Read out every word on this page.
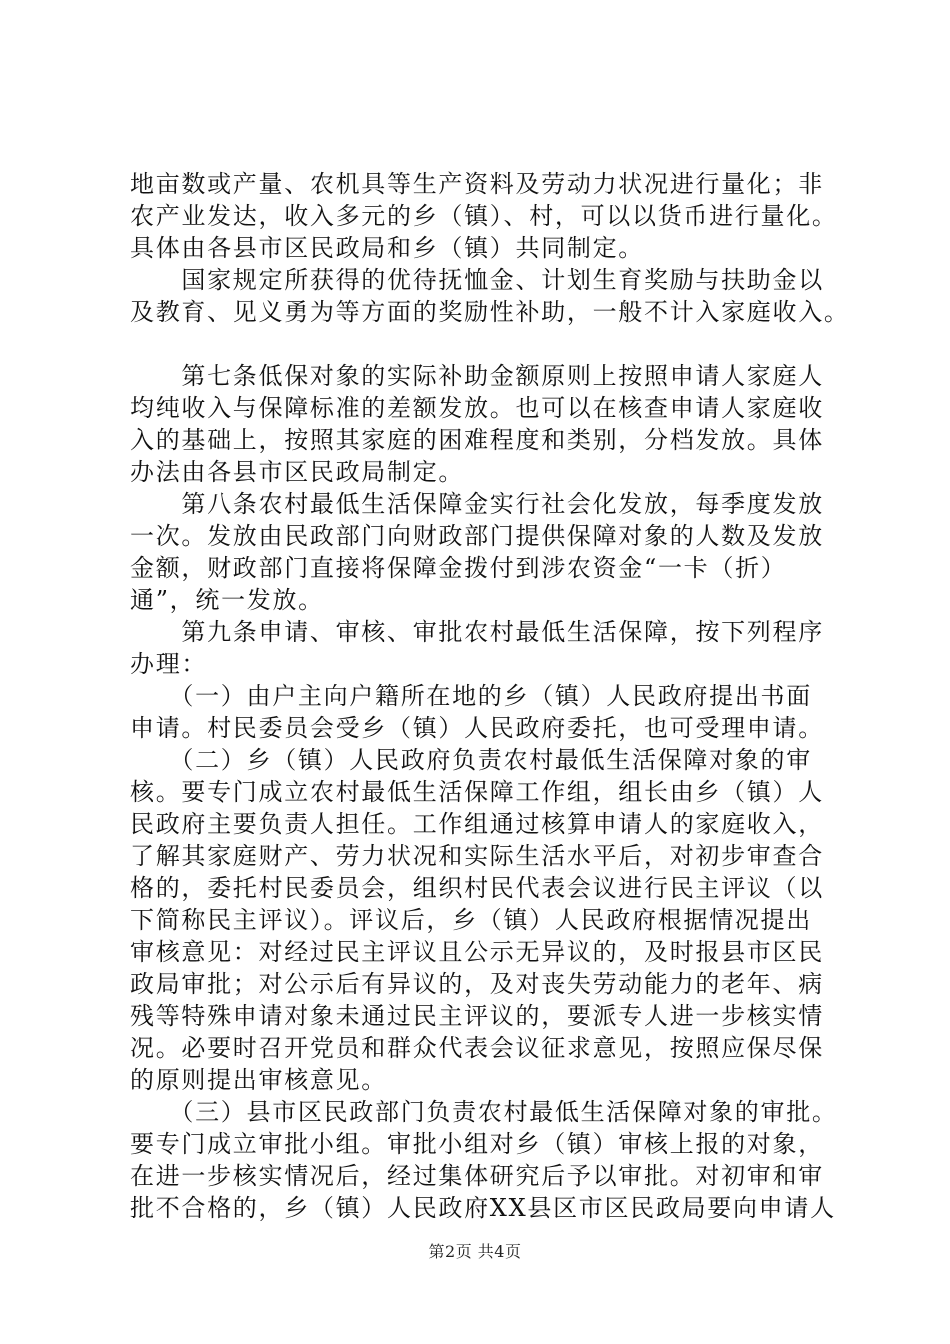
地亩数或产量、农机具等生产资料及劳动力状况进行量化；非
农产业发达，收入多元的乡（镇）、村，可以以货币进行量化。
具体由各县市区民政局和乡（镇）共同制定。
　　国家规定所获得的优待抚恤金、计划生育奖励与扶助金以
及教育、见义勇为等方面的奖励性补助，一般不计入家庭收入。
　　第七条低保对象的实际补助金额原则上按照申请人家庭人
均纯收入与保障标准的差额发放。也可以在核查申请人家庭收
入的基础上，按照其家庭的困难程度和类别，分档发放。具体
办法由各县市区民政局制定。
　　第八条农村最低生活保障金实行社会化发放，每季度发放
一次。发放由民政部门向财政部门提供保障对象的人数及发放
金额，财政部门直接将保障金拨付到涉农资金“一卡（折）
通”，统一发放。
　　第九条申请、审核、审批农村最低生活保障，按下列程序
办理：
　　（一）由户主向户籍所在地的乡（镇）人民政府提出书面
申请。村民委员会受乡（镇）人民政府委托，也可受理申请。
　　（二）乡（镇）人民政府负责农村最低生活保障对象的审
核。要专门成立农村最低生活保障工作组，组长由乡（镇）人
民政府主要负责人担任。工作组通过核算申请人的家庭收入，
了解其家庭财产、劳力状况和实际生活水平后，对初步审查合
格的，委托村民委员会，组织村民代表会议进行民主评议（以
下简称民主评议）。评议后，乡（镇）人民政府根据情况提出
审核意见：对经过民主评议且公示无异议的，及时报县市区民
政局审批；对公示后有异议的，及对丧失劳动能力的老年、病
残等特殊申请对象未通过民主评议的，要派专人进一步核实情
况。必要时召开党员和群众代表会议征求意见，按照应保尽保
的原则提出审核意见。
　　（三）县市区民政部门负责农村最低生活保障对象的审批。
要专门成立审批小组。审批小组对乡（镇）审核上报的对象，
在进一步核实情况后，经过集体研究后予以审批。对初审和审
批不合格的，乡（镇）人民政府XX县区市区民政局要向申请人
第2页 共4页
